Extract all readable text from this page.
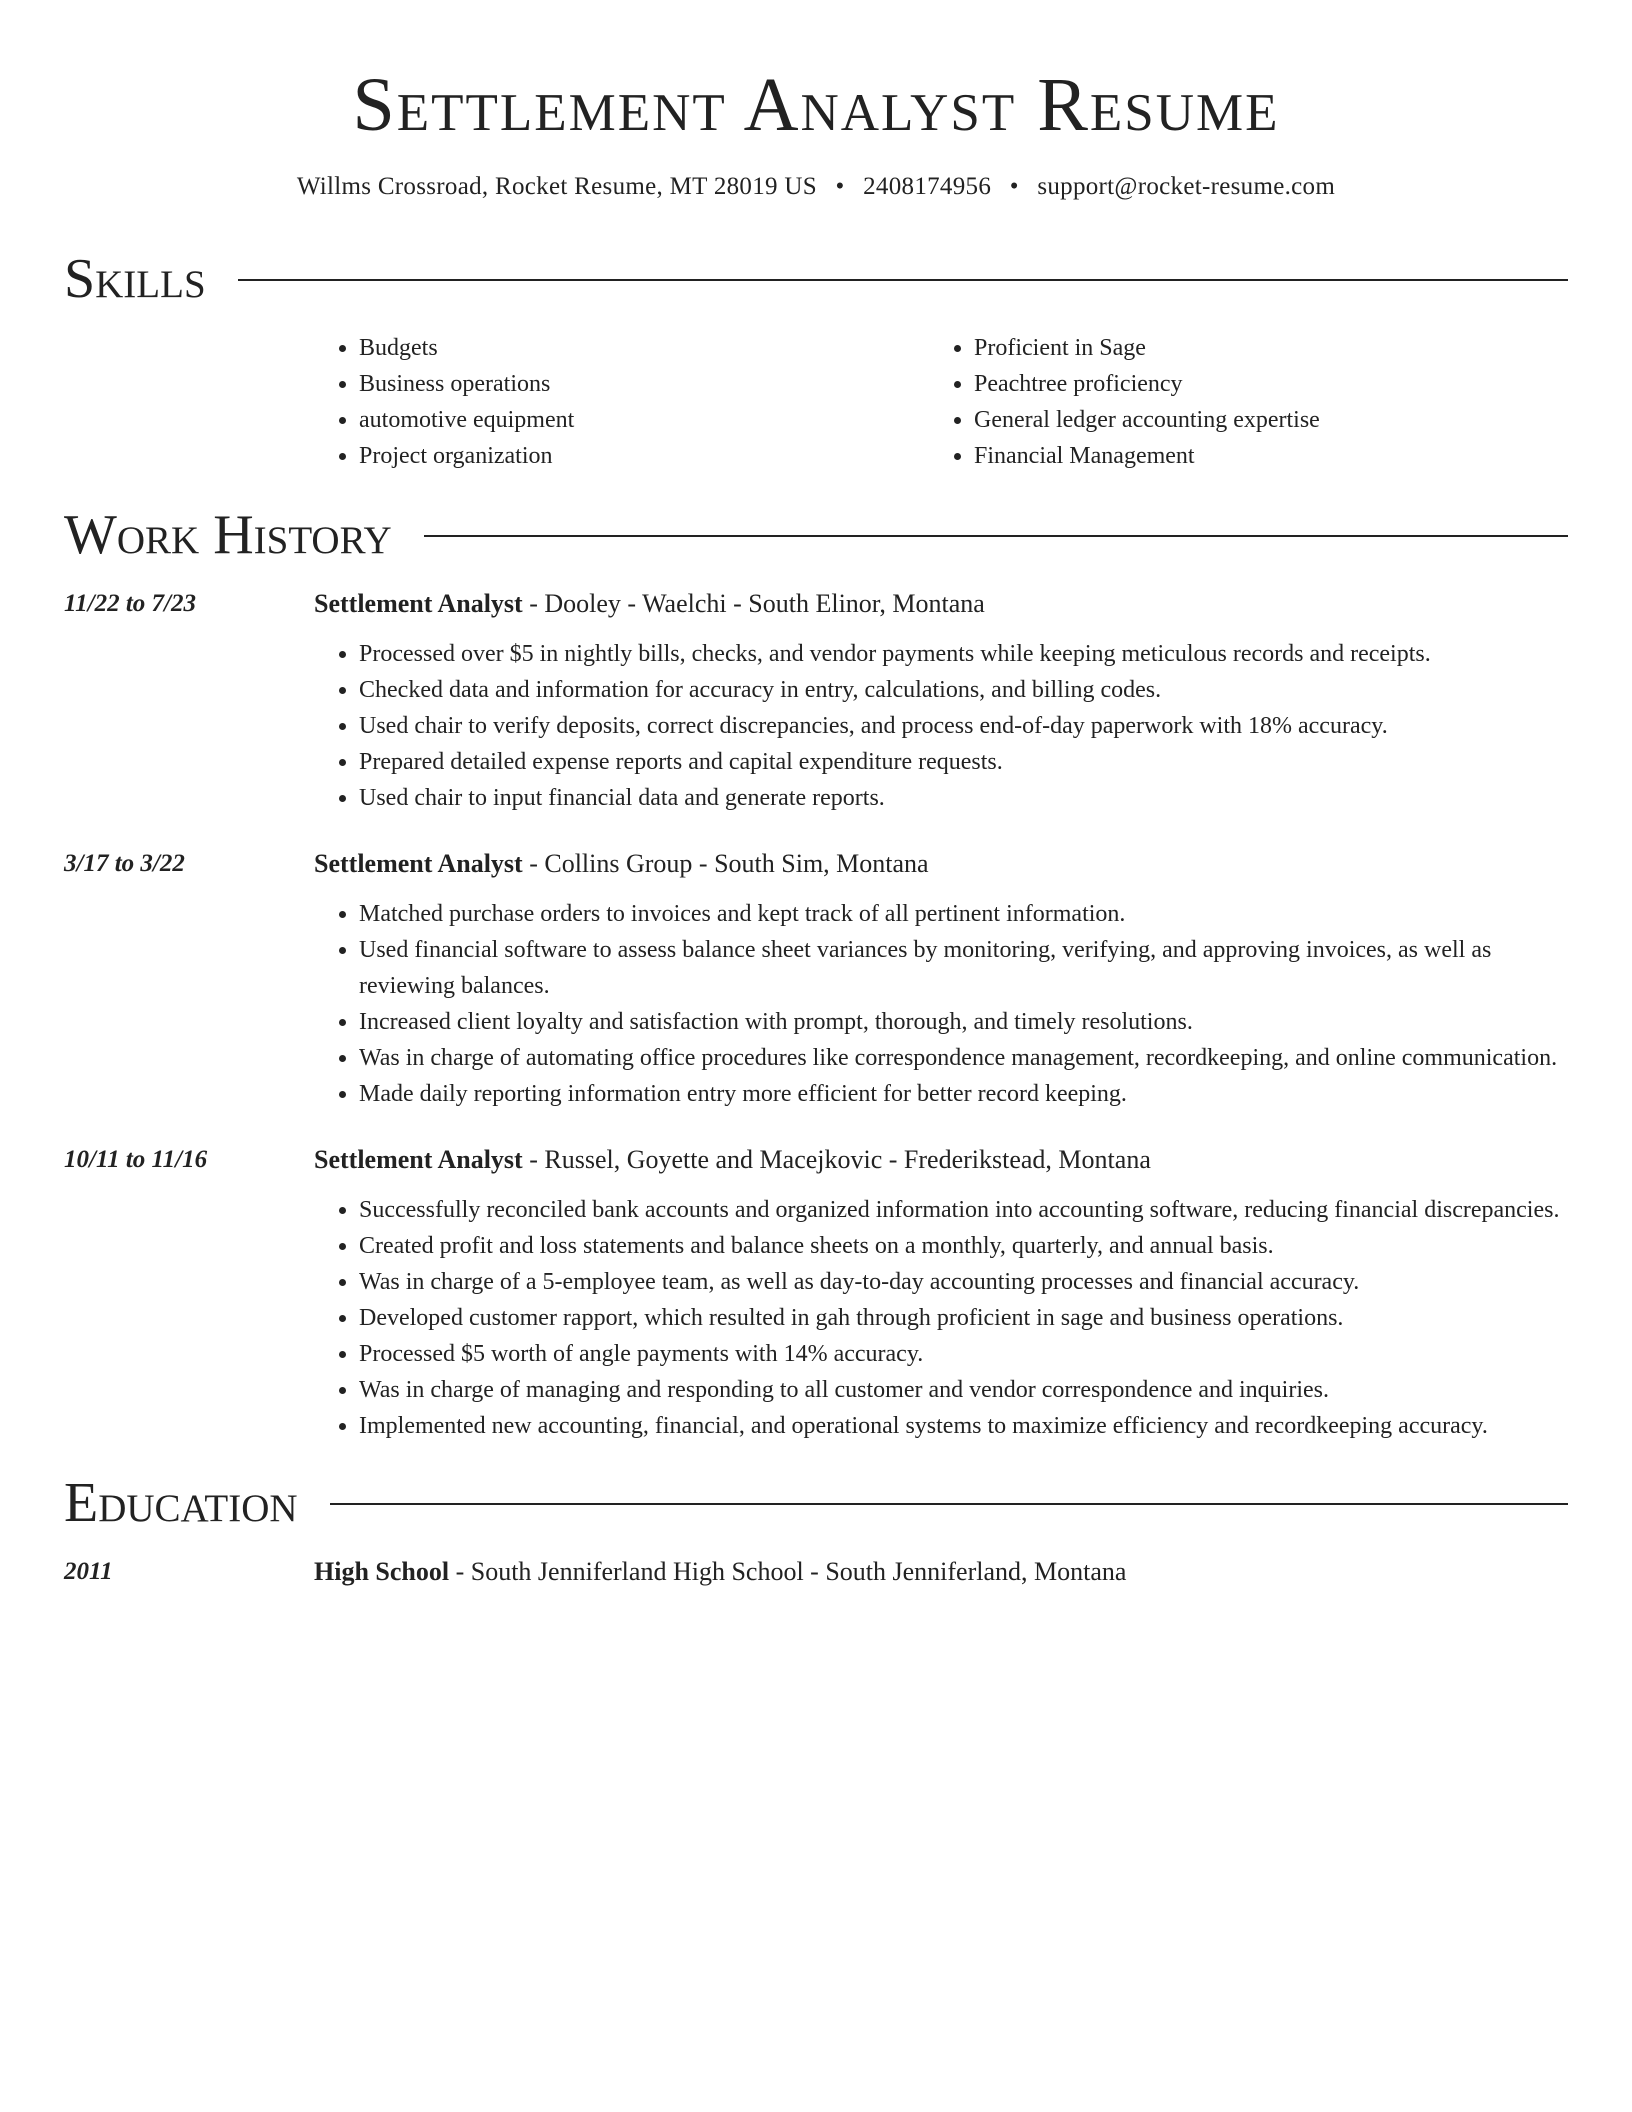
Settlement Analyst Resume
Willms Crossroad, Rocket Resume, MT 28019 US • 2408174956 • support@rocket-resume.com
Skills
• Budgets
• Business operations
• automotive equipment
• Project organization
• Proficient in Sage
• Peachtree proficiency
• General ledger accounting expertise
• Financial Management
Work History
11/22 to 7/23	Settlement Analyst - Dooley - Waelchi - South Elinor, Montana
• Processed over $5 in nightly bills, checks, and vendor payments while keeping meticulous records and receipts.
• Checked data and information for accuracy in entry, calculations, and billing codes.
• Used chair to verify deposits, correct discrepancies, and process end-of-day paperwork with 18% accuracy.
• Prepared detailed expense reports and capital expenditure requests.
• Used chair to input financial data and generate reports.
3/17 to 3/22	Settlement Analyst - Collins Group - South Sim, Montana
• Matched purchase orders to invoices and kept track of all pertinent information.
• Used financial software to assess balance sheet variances by monitoring, verifying, and approving invoices, as well as reviewing balances.
• Increased client loyalty and satisfaction with prompt, thorough, and timely resolutions.
• Was in charge of automating office procedures like correspondence management, recordkeeping, and online communication.
• Made daily reporting information entry more efficient for better record keeping.
10/11 to 11/16	Settlement Analyst - Russel, Goyette and Macejkovic - Frederikstead, Montana
• Successfully reconciled bank accounts and organized information into accounting software, reducing financial discrepancies.
• Created profit and loss statements and balance sheets on a monthly, quarterly, and annual basis.
• Was in charge of a 5-employee team, as well as day-to-day accounting processes and financial accuracy.
• Developed customer rapport, which resulted in gah through proficient in sage and business operations.
• Processed $5 worth of angle payments with 14% accuracy.
• Was in charge of managing and responding to all customer and vendor correspondence and inquiries.
• Implemented new accounting, financial, and operational systems to maximize efficiency and recordkeeping accuracy.
Education
2011	High School - South Jenniferland High School - South Jenniferland, Montana
